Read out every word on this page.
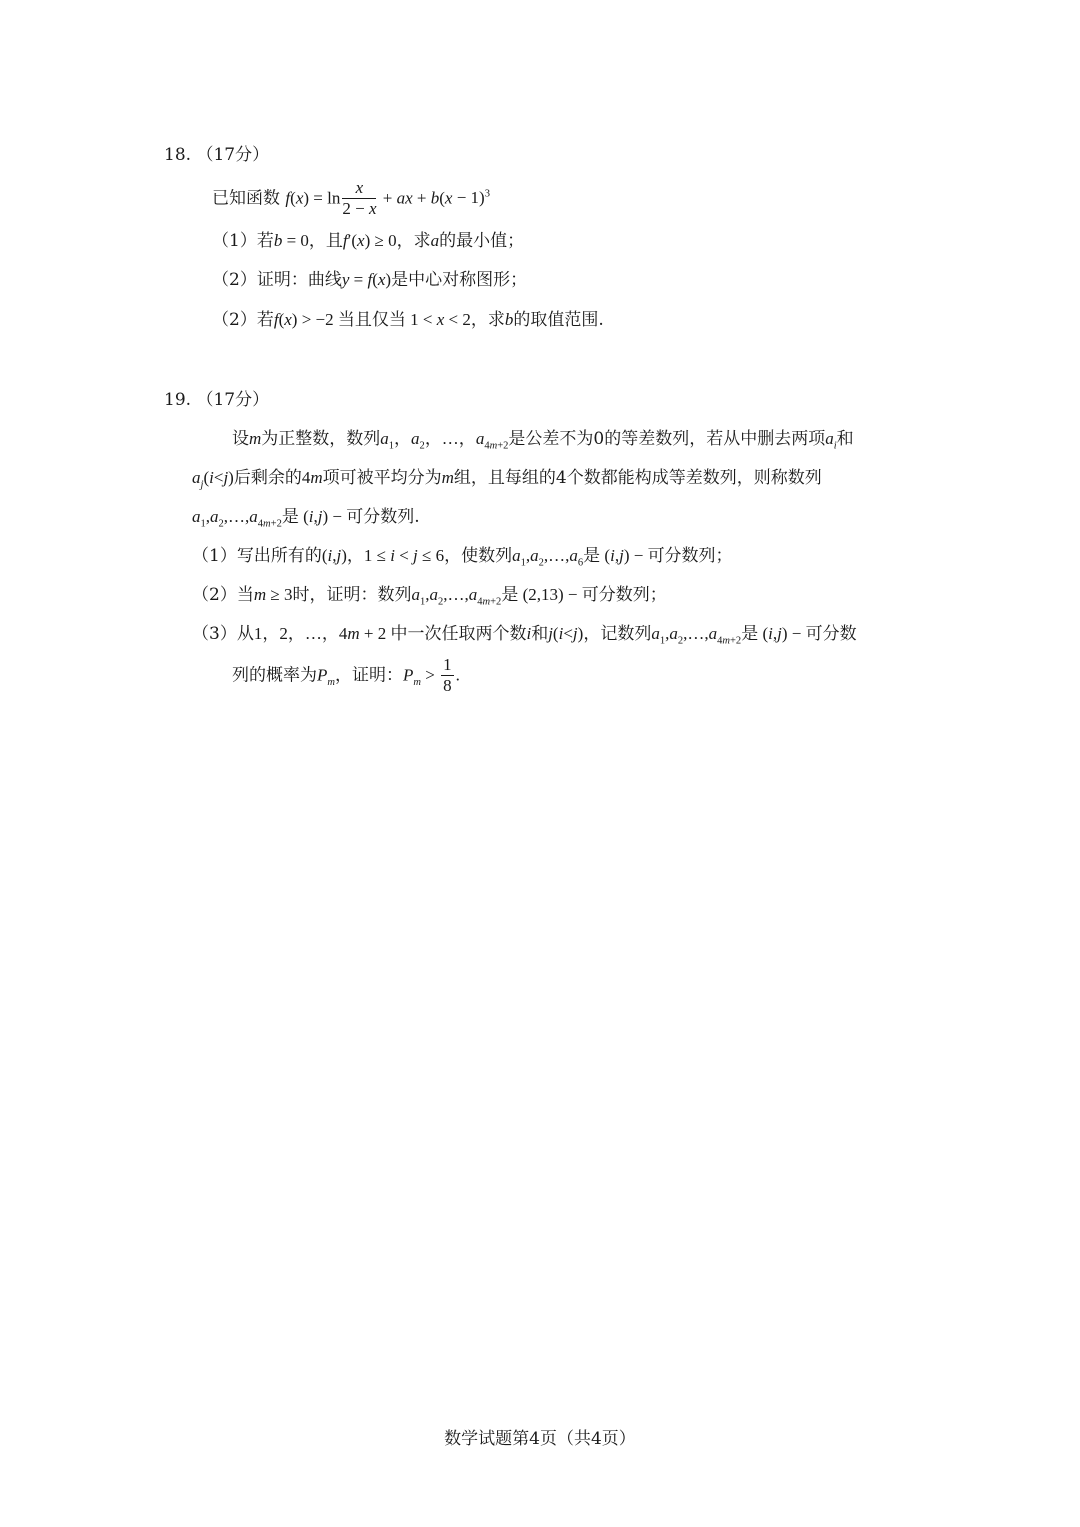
18. （17分）
已知函数 $f(x) = \ln \frac{x}{2 - x}$ + ax + $b(x - 1)^3$
（1）若b = 0，且f′(x) ≥ 0，求a的最小值；
（2）证明：曲线y = f(x)是中心对称图形；
（2）若f(x) > −2 当且仅当 1 < x < 2，求b的取值范围.
19. （17分）
设m为正整数，数列$a_1$，$a_2$，…，$a_{4m+2}$是公差不为0的等差数列，若从中删去两项$a_i$和
$a_j(i<j)$后剩余的4m项可被平均分为m组，且每组的4个数都能构成等差数列，则称数列
$a_1,a_2,\dots,a_{4m+2}$是 (i,j) − 可分数列.
（1）写出所有的(i,j)，1 ≤ i < j ≤ 6，使数列$a_1,a_2,\dots,a_6$是 (i,j) − 可分数列；
（2）当m ≥ 3时，证明：数列$a_1,a_2,\dots,a_{4m+2}$是 (2,13) − 可分数列；
（3）从1，2，…，4m + 2 中一次任取两个数i和j(i<j)，记数列$a_1,a_2,\dots,a_{4m+2}$是 (i,j) − 可分数
列的概率为$P_m$，证明：$P_m > \frac{1}{8}$ .
数学试题第4页（共4页）
